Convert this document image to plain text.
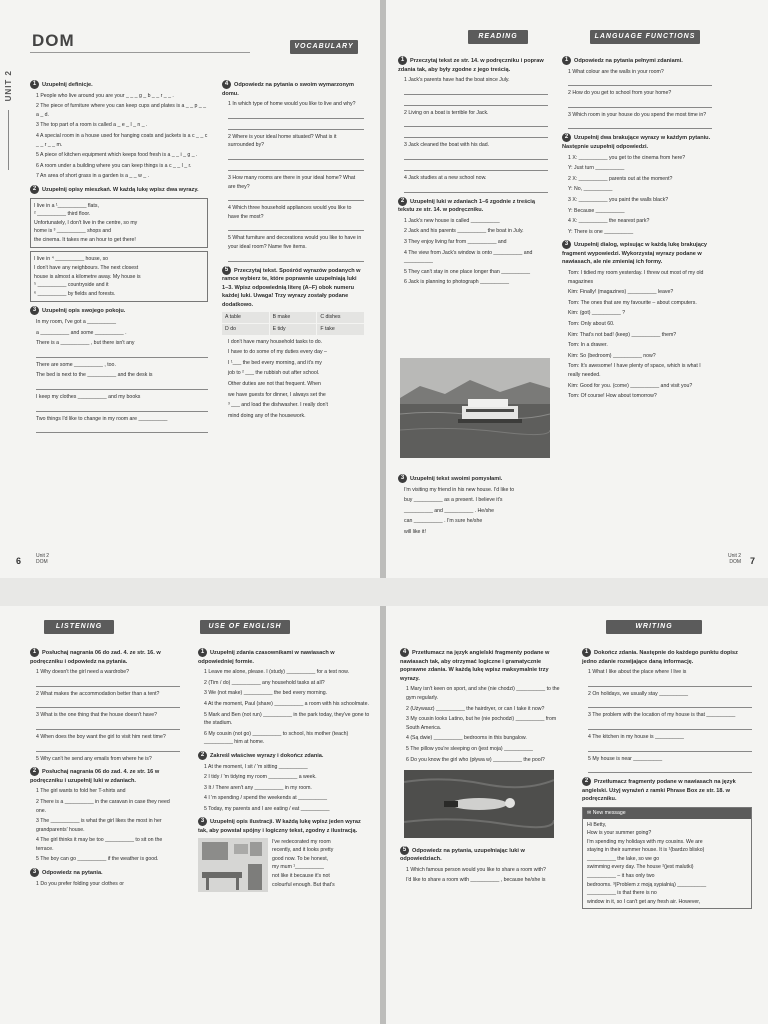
DOM	VOCABULARY
UNIT 2	1 Uzupełnij definicje.
1 People who live around you are your _ _ _ g _ b _ _ r _ _ .
2 The piece of furniture where you can keep cups and plates is a _ _ p _ _ a _ d.
3 The top part of a room is called a _ e _ l _ n _ .
4 A special room in a house used for hanging coats and jackets is a c _ _ c _ _ r _ _ m.
5 A piece of kitchen equipment which keeps food fresh is a _ _ i _ g _ .
6 A room under a building where you can keep things is a c _ _ l _ r.
7 An area of short grass in a garden is a _ _ w _ .
2 Uzupełnij opisy mieszkań. W każdą lukę wpisz dwa wyrazy.
I live in a ¹__________ flats,
² __________ third floor.
Unfortunately, I don't live in the centre, so my
home is ³ __________ shops and
the cinema. It takes me an hour to get there!
I live in ⁴ __________ house, so
I don't have any neighbours. The next closest
house is almost a kilometre away. My house is
⁵ __________ countryside and it
⁶ __________ by fields and forests.
3 Uzupełnij opis swojego pokoju.
In my room, I've got a __________
a __________ and some __________ .
There is a __________ , but there isn't any
There are some __________ , too.
The bed is next to the __________ and the desk is
I keep my clothes __________ and my books
Two things I'd like to change in my room are __________
4 Odpowiedz na pytania o swoim wymarzonym domu.
1 In which type of home would you like to live and why?
2 Where is your ideal home situated? What is it surrounded by?
3 How many rooms are there in your ideal home? What are they?
4 Which three household appliances would you like to have the most?
5 What furniture and decorations would you like to have in your ideal room? Name five items.
5 Przeczytaj tekst. Spośród wyrazów podanych w ramce wybierz te, które poprawnie uzupełniają luki 1–3. Wpisz odpowiednią literę (A–F) obok numeru każdej luki. Uwaga! Trzy wyrazy zostały podane dodatkowo.
A table	B make	C dishes
D do	E tidy	F take
I don't have many household tasks to do.
I have to do some of my duties every day –
I ¹___ the bed every morning, and it's my
job to ² ___ the rubbish out after school.
Other duties are not that frequent. When
we have guests for dinner, I always set the
³ ___ and load the dishwasher. I really don't
mind doing any of the housework.
6	Unit 2
DOM
READING	LANGUAGE FUNCTIONS
1 Przeczytaj tekst ze str. 14. w podręczniku i popraw zdania tak, aby były zgodne z jego treścią.
1 Jack's parents have had the boat since July.
2 Living on a boat is terrible for Jack.
3 Jack cleaned the boat with his dad.
4 Jack studies at a new school now.
2 Uzupełnij luki w zdaniach 1–6 zgodnie z treścią tekstu ze str. 14. w podręczniku.
1 Jack's new house is called __________
2 Jack and his parents __________ the boat in July.
3 They enjoy living far from __________ and
4 The view from Jack's window is onto __________ and __________
5 They can't stay in one place longer than __________
6 Jack is planning to photograph __________
3 Uzupełnij tekst swoimi pomysłami.
I'm visiting my friend in his new house. I'd like to
buy __________ as a present. I believe it's
__________ and __________ . He/she
can __________ . I'm sure he/she
will like it!
1 Odpowiedz na pytania pełnymi zdaniami.
1 What colour are the walls in your room?
2 How do you get to school from your home?
3 Which room in your house do you spend the most time in?
2 Uzupełnij dwa brakujące wyrazy w każdym pytaniu. Następnie uzupełnij odpowiedzi.
1 X: __________ you get to the cinema from here?
Y: Just turn __________
2 X: __________ parents out at the moment?
Y: No, __________
3 X: __________ you paint the walls black?
Y: Because __________
4 X: __________ the nearest park?
Y: There is one __________
3 Uzupełnij dialog, wpisując w każdą lukę brakujący fragment wypowiedzi. Wykorzystaj wyrazy podane w nawiasach, ale nie zmieniaj ich formy.
Tom: I tidied my room yesterday. I threw out most of my old magazines
Kim: Finally! (magazines) __________ leave?
Tom: The ones that are my favourite – about computers.
Kim: (got) __________ ?
Tom: Only about 60.
Kim: That's not bad! (keep) __________ them?
Tom: In a drawer.
Kim: So (bedroom) __________ now?
Tom: It's awesome! I have plenty of space, which is what I really needed.
Kim: Good for you. (come) __________ and visit you?
Tom: Of course! How about tomorrow?
Unit 2
DOM 7
LISTENING	USE OF ENGLISH
1 Posłuchaj nagrania 06 do zad. 4. ze str. 16. w podręczniku i odpowiedz na pytania.
1 Why doesn't the girl need a wardrobe?
2 What makes the accommodation better than a tent?
3 What is the one thing that the house doesn't have?
4 When does the boy want the girl to visit him next time?
5 Why can't he send any emails from where he is?
2 Posłuchaj nagrania 06 do zad. 4. ze str. 16 w podręczniku i uzupełnij luki w zdaniach.
1 The girl wants to fold her T-shirts and
2 There is a __________ in the caravan in case they need one.
3 The __________ is what the girl likes the most in her grandparents' house.
4 The girl thinks it may be too __________ to sit on the terrace.
5 The boy can go __________ if the weather is good.
3 Odpowiedz na pytania.
1 Do you prefer folding your clothes or
1 Uzupełnij zdania czasownikami w nawiasach w odpowiedniej formie.
1 Leave me alone, please. I (study) __________ for a test now.
2 (Tim / do) __________ any household tasks at all?
3 We (not make) __________ the bed every morning.
4 At the moment, Paul (share) __________ a room with his schoolmate.
5 Mark and Ben (not run) __________ in the park today, they've gone to the stadium.
6 My cousin (not go) __________ to school, his mother (teach) __________ him at home.
2 Zakreśl właściwe wyrazy i dokończ zdania.
1 At the moment, I sit / 'm sitting __________
2 I tidy / 'm tidying my room __________ a week.
3 It / There aren't any __________ in my room.
4 I 'm spending / spend the weekends at __________
5 Today, my parents and I are eating / eat __________
3 Uzupełnij opis ilustracji. W każdą lukę wpisz jeden wyraz tak, aby powstał spójny i logiczny tekst, zgodny z ilustracją.
I've redecorated my room
recently, and it looks pretty
good now. To be honest,
my mum ¹__________
not like it because it's not
colourful enough. But that's
WRITING
4 Przetłumacz na język angielski fragmenty podane w nawiasach tak, aby otrzymać logiczne i gramatycznie poprawne zdania. W każdą lukę wpisz maksymalnie trzy wyrazy.
1 Mary isn't keen on sport, and she (nie chodzi) __________ to the gym regularly.
2 (Używasz) __________ the hairdryer, or can I take it now?
3 My cousin looks Latino, but he (nie pochodzi) __________ from South America.
4 (Są dwie) __________ bedrooms in this bungalow.
5 The pillow you're sleeping on (jest moja) __________
6 Do you know the girl who (pływa w) __________ the pool?
5 Odpowiedz na pytania, uzupełniając luki w odpowiedziach.
1 Which famous person would you like to share a room with?
I'd like to share a room with __________ , because he/she is
1 Dokończ zdania. Następnie do każdego punktu dopisz jedno zdanie rozwijające daną informację.
1 What I like about the place where I live is
2 On holidays, we usually stay __________
3 The problem with the location of my house is that __________
4 The kitchen in my house is __________
5 My house is near __________
2 Przetłumacz fragmenty podane w nawiasach na język angielski. Użyj wyrażeń z ramki Phrase Box ze str. 18. w podręczniku.
✉ New message
Hi Betty,
How is your summer going?
I'm spending my holidays with my cousins. We are
staying in their summer house. It is ¹(bardzo blisko)
__________ the lake, so we go
swimming every day. The house ²(jest malutki)
__________ – it has only two
bedrooms. ³(Problem z moją sypialnią) __________
__________ is that there is no
window in it, so I can't get any fresh air. However,
